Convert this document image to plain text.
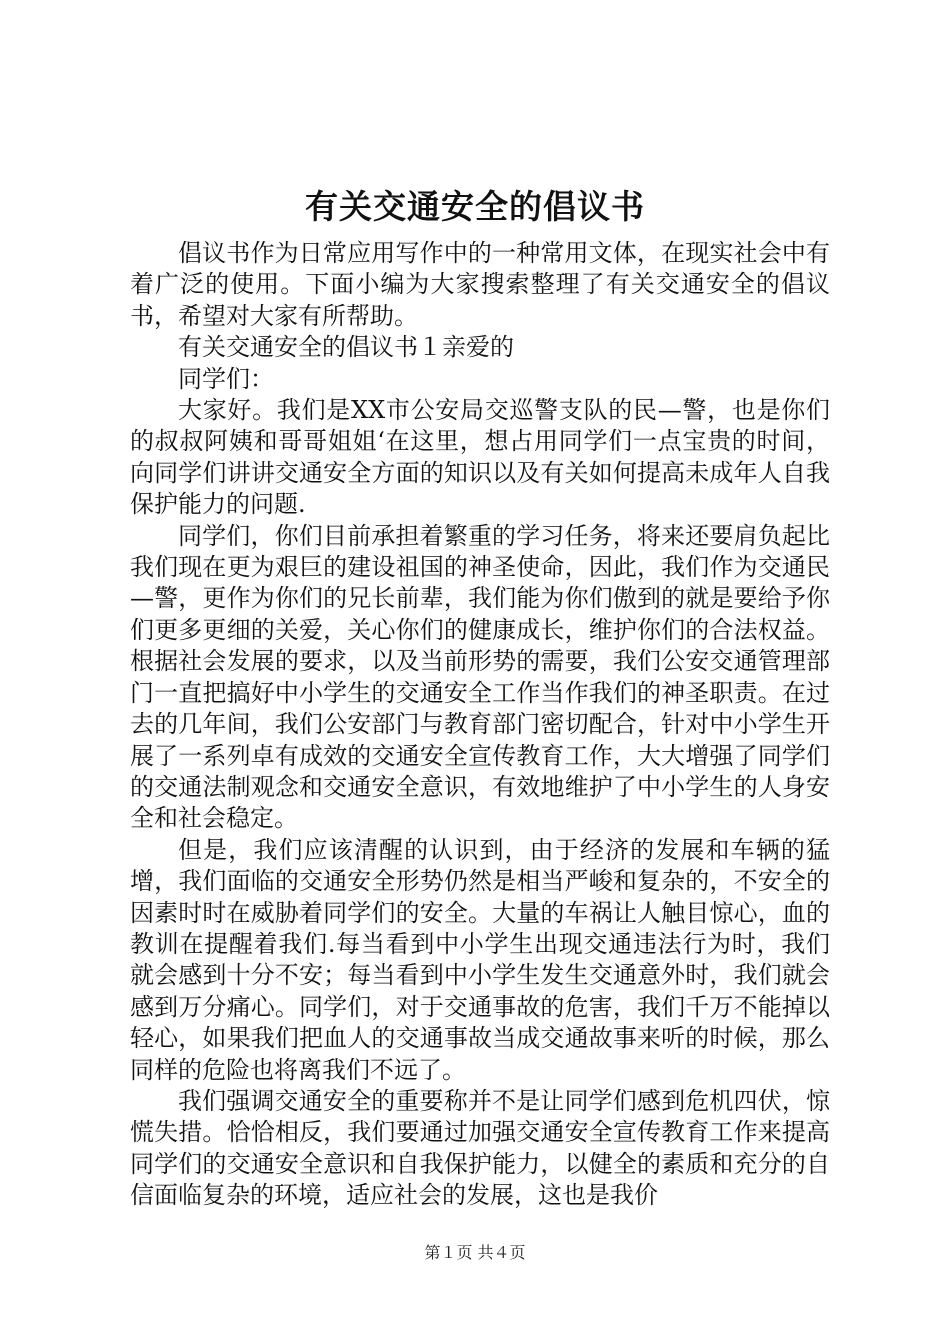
有关交通安全的倡议书

倡议书作为日常应用写作中的一种常用文体，在现实社会中有着广泛的使用。下面小编为大家搜索整理了有关交通安全的倡议书，希望对大家有所帮助。

有关交通安全的倡议书１亲爱的

同学们：

大家好。我们是XX市公安局交巡警支队的民—警，也是你们的叔叔阿姨和哥哥姐姐‘在这里，想占用同学们一点宝贵的时间，向同学们讲讲交通安全方面的知识以及有关如何提高未成年人自我保护能力的问题.

同学们，你们目前承担着繁重的学习任务，将来还要肩负起比我们现在更为艰巨的建设祖国的神圣使命，因此，我们作为交通民—警，更作为你们的兄长前辈，我们能为你们傲到的就是要给予你们更多更细的关爱，关心你们的健康成长，维护你们的合法权益。根据社会发展的要求，以及当前形势的需要，我们公安交通管理部门一直把搞好中小学生的交通安全工作当作我们的神圣职责。在过去的几年间，我们公安部门与教育部门密切配合，针对中小学生开展了一系列卓有成效的交通安全宣传教育工作，大大增强了同学们的交通法制观念和交通安全意识，有效地维护了中小学生的人身安全和社会稳定。

但是，我们应该清醒的认识到，由于经济的发展和车辆的猛增，我们面临的交通安全形势仍然是相当严峻和复杂的，不安全的因素时时在威胁着同学们的安全。大量的车祸让人触目惊心，血的教训在提醒着我们.每当看到中小学生出现交通违法行为时，我们就会感到十分不安；每当看到中小学生发生交通意外时，我们就会感到万分痛心。同学们，对于交通事故的危害，我们千万不能掉以轻心，如果我们把血人的交通事故当成交通故事来听的时候，那么同样的危险也将离我们不远了。

我们强调交通安全的重要称并不是让同学们感到危机四伏，惊慌失措。恰恰相反，我们要通过加强交通安全宣传教育工作来提高同学们的交通安全意识和自我保护能力，以健全的素质和充分的自信面临复杂的环境，适应社会的发展，这也是我价

第１页 共４页
